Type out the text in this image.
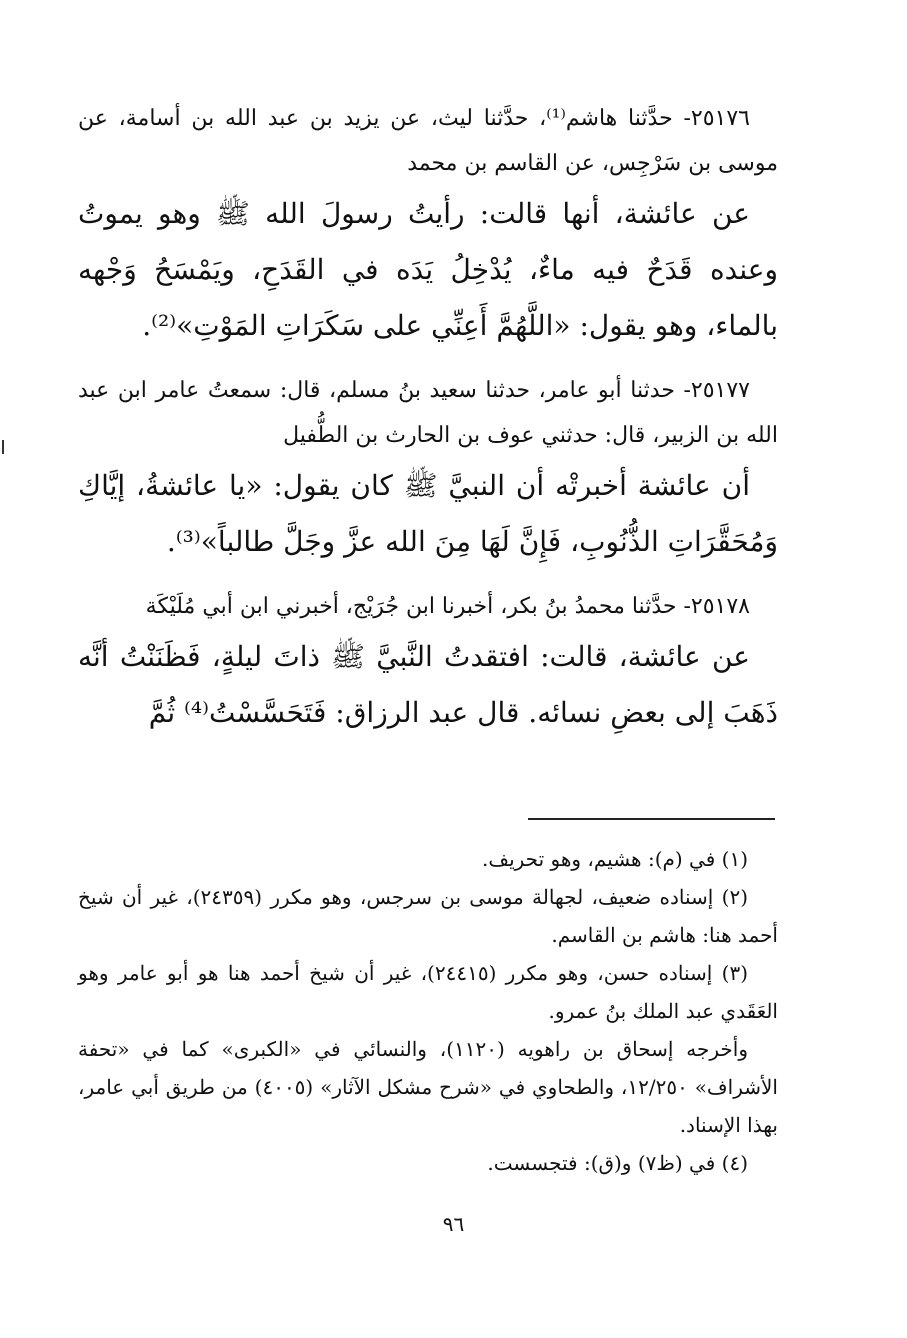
٢٥١٧٦- حدَّثنا هاشم⁽¹⁾، حدَّثنا ليث، عن يزيد بن عبد الله بن أسامة، عن موسى بن سَرْجِس، عن القاسم بن محمد

عن عائشة، أنها قالت: رأيتُ رسولَ الله ﷺ وهو يموتُ وعنده قَدَحٌ فيه ماءٌ، يُدْخِلُ يَدَه في القَدَحِ، ويَمْسَحُ وَجْهه بالماء، وهو يقول: «اللَّهُمَّ أَعِنِّي على سَكَرَاتِ المَوْتِ»⁽²⁾.

٢٥١٧٧- حدثنا أبو عامر، حدثنا سعيد بنُ مسلم، قال: سمعتُ عامر ابن عبد الله بن الزبير، قال: حدثني عوف بن الحارث بن الطُّفيل

أن عائشة أخبرتْه أن النبيَّ ﷺ كان يقول: «يا عائشةُ، إيَّاكِ وَمُحَقَّرَاتِ الذُّنُوبِ، فَإِنَّ لَهَا مِنَ الله عزَّ وجَلَّ طالباً»⁽³⁾.

٢٥١٧٨- حدَّثنا محمدُ بنُ بكر، أخبرنا ابن جُرَيْج، أخبرني ابن أبي مُلَيْكَة

عن عائشة، قالت: افتقدتُ النَّبيَّ ﷺ ذاتَ ليلةٍ، فَظَنَنْتُ أنَّه ذَهَبَ إلى بعضِ نسائه. قال عبد الرزاق: فَتَحَسَّسْتُ⁽⁴⁾ ثُمَّ

(١) في (م): هشيم، وهو تحريف.

(٢) إسناده ضعيف، لجهالة موسى بن سرجس، وهو مكرر (٢٤٣٥٩)، غير أن شيخ أحمد هنا: هاشم بن القاسم.

(٣) إسناده حسن، وهو مكرر (٢٤٤١٥)، غير أن شيخ أحمد هنا هو أبو عامر وهو العَقَدي عبد الملك بنُ عمرو.

وأخرجه إسحاق بن راهويه (١١٢٠)، والنسائي في «الكبرى» كما في «تحفة الأشراف» ١٢/٢٥٠، والطحاوي في «شرح مشكل الآثار» (٤٠٠٥) من طريق أبي عامر، بهذا الإسناد.

(٤) في (ظ٧) و(ق): فتجسست.

٩٦
